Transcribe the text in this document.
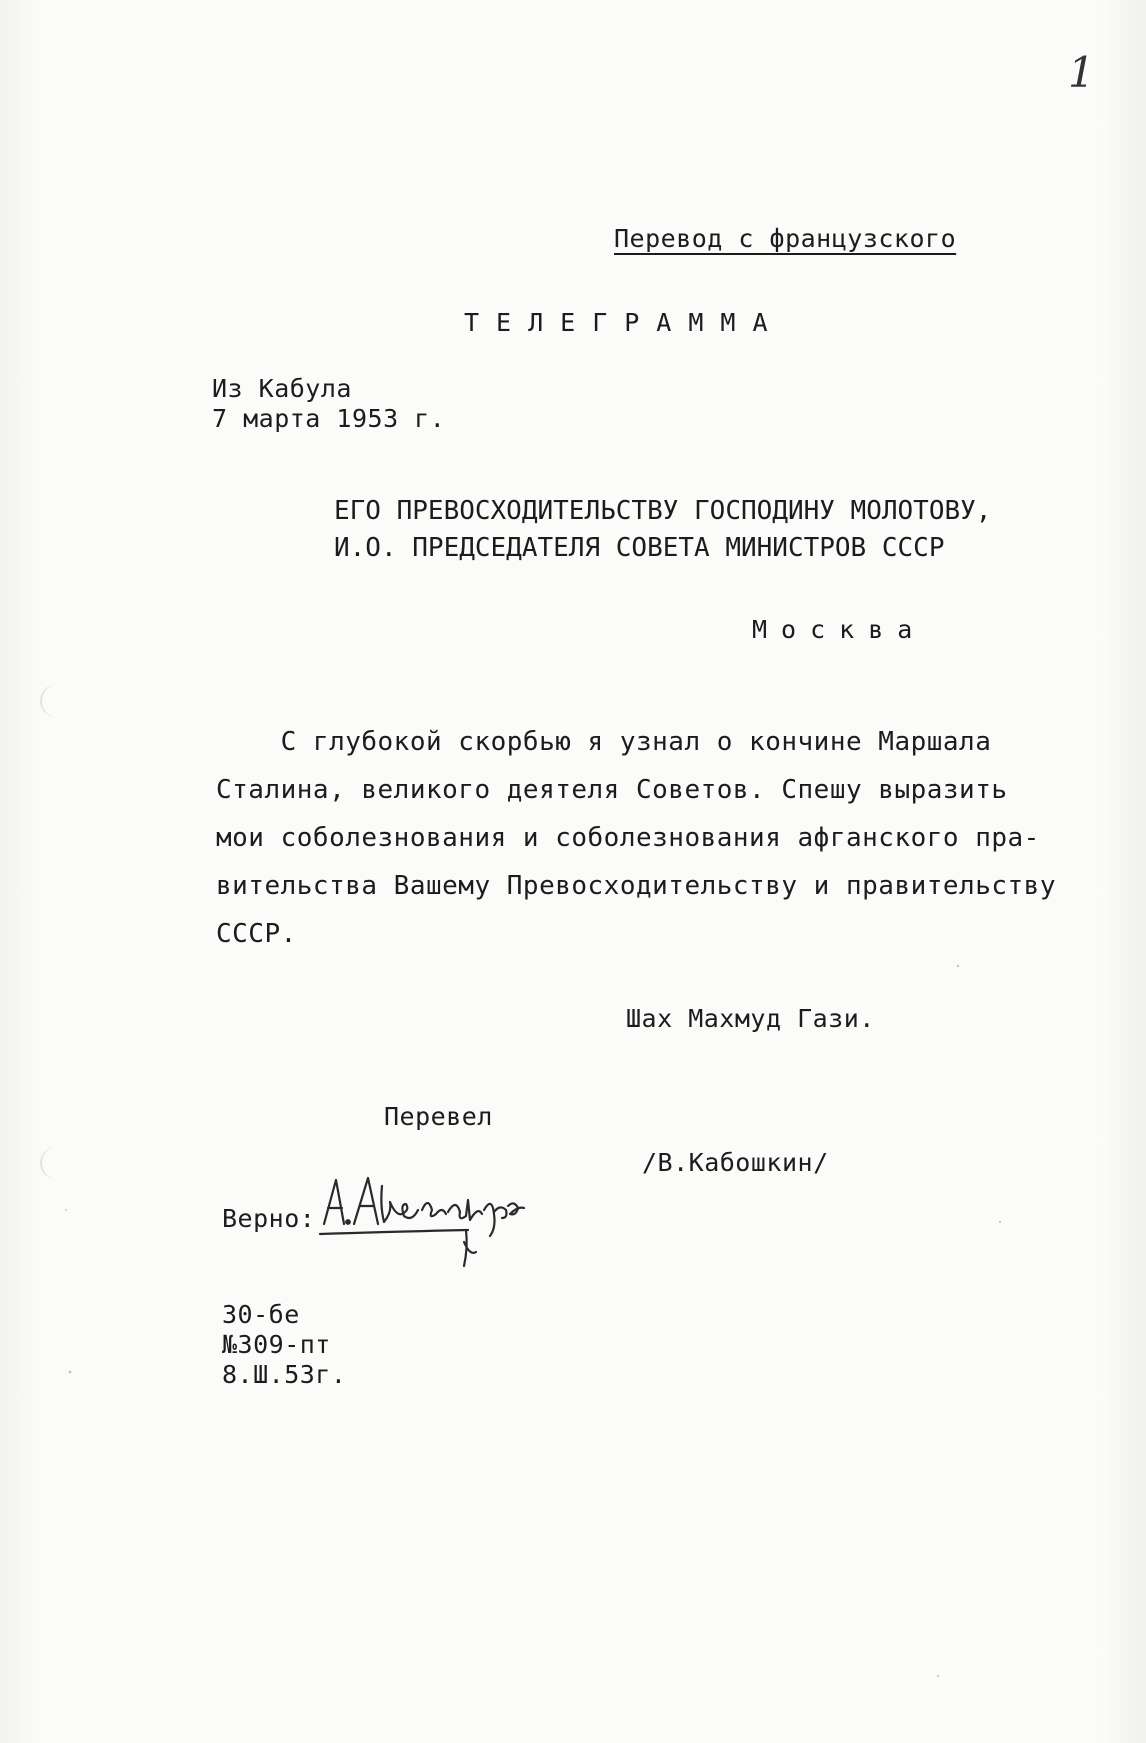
1
Перевод с французского
ТЕЛЕГРАММА
Из Кабула
7 марта 1953 г.
ЕГО ПРЕВОСХОДИТЕЛЬСТВУ ГОСПОДИНУ МОЛОТОВУ,
И.О. ПРЕДСЕДАТЕЛЯ СОВЕТА МИНИСТРОВ СССР
Москва
С глубокой скорбью я узнал о кончине Маршала
Сталина, великого деятеля Советов. Спешу выразить
мои соболезнования и соболезнования афганского пра-
вительства Вашему Превосходительству и правительству
СССР.
Шах Махмуд Гази.
Перевел
/В.Кабошкин/
Верно:
30-бе
№309-пт
8.Ш.53г.
